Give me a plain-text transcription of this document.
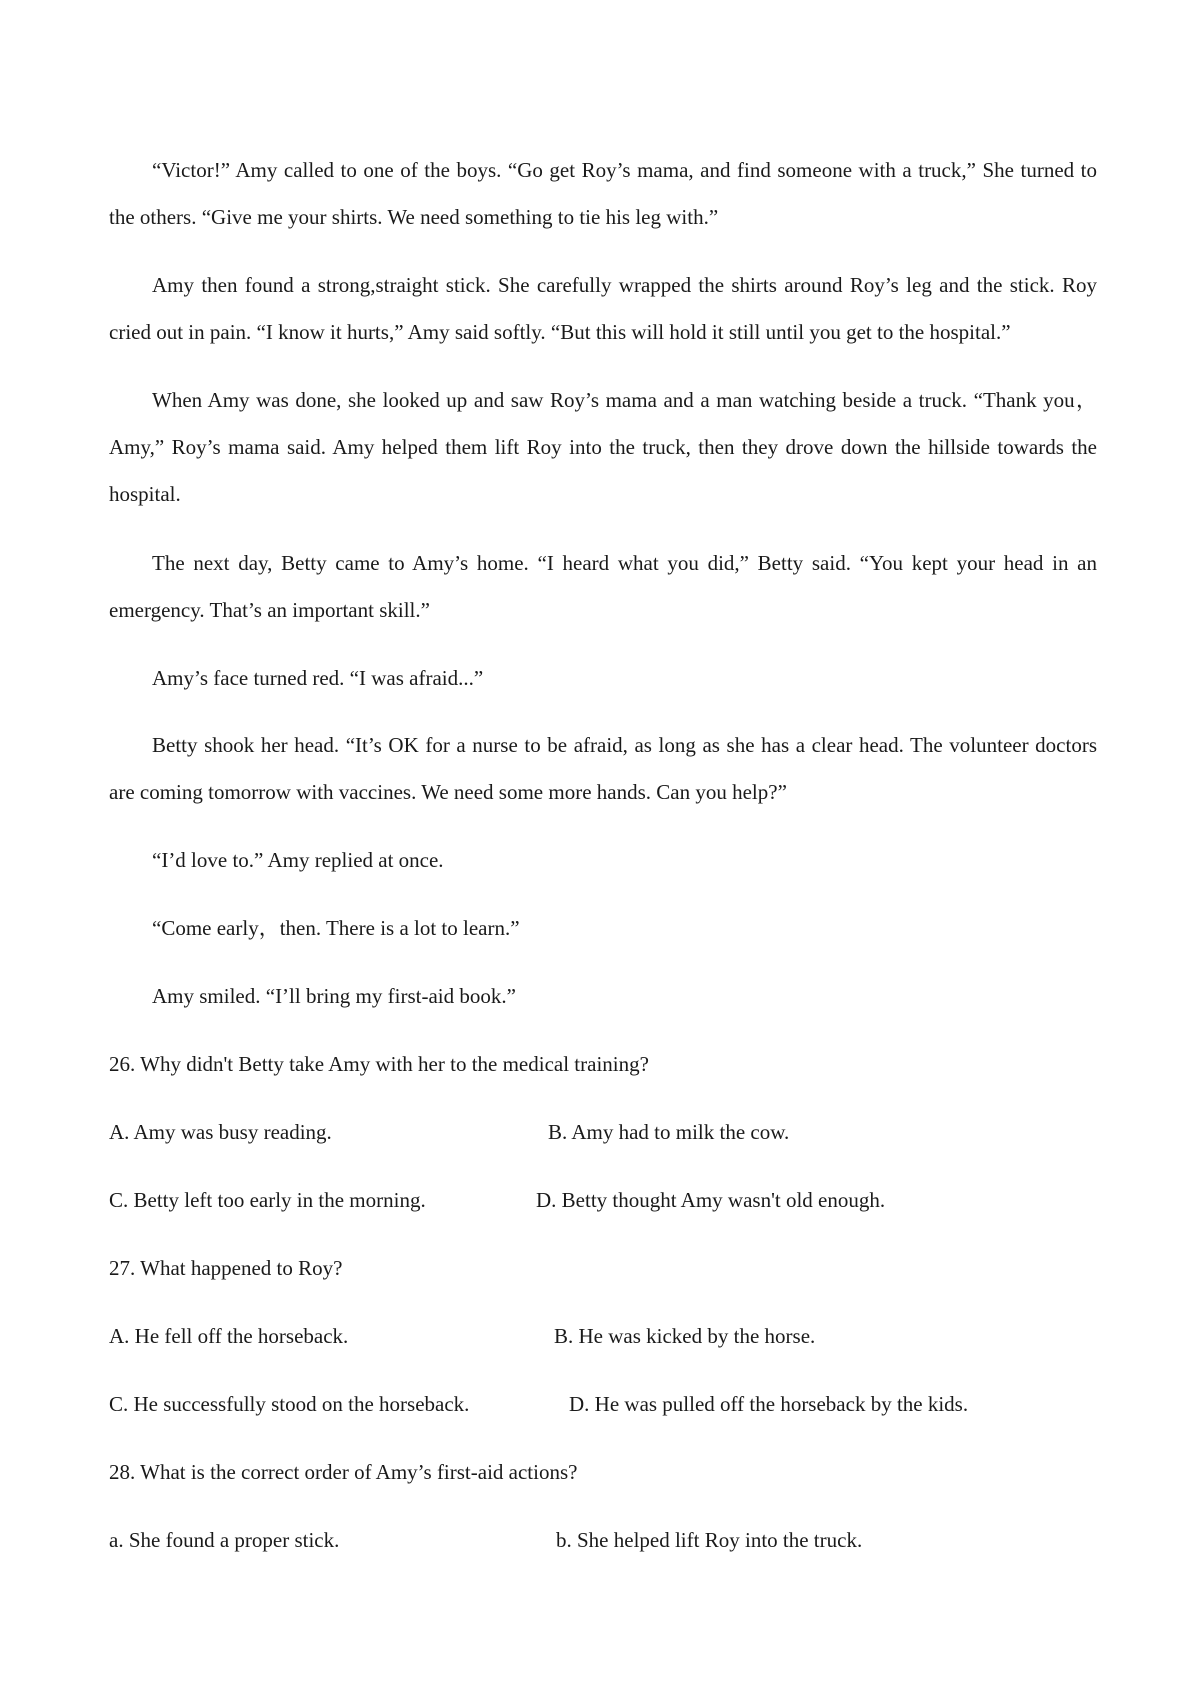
“Victor!” Amy called to one of the boys. “Go get Roy’s mama, and find someone with a truck,” She turned to the others. “Give me your shirts. We need something to tie his leg with.”

Amy then found a strong,straight stick. She carefully wrapped the shirts around Roy’s leg and the stick. Roy cried out in pain. “I know it hurts,” Amy said softly. “But this will hold it still until you get to the hospital.”

When Amy was done, she looked up and saw Roy’s mama and a man watching beside a truck. “Thank you，Amy,” Roy’s mama said. Amy helped them lift Roy into the truck, then they drove down the hillside towards the hospital.

The next day, Betty came to Amy’s home. “I heard what you did,” Betty said. “You kept your head in an emergency. That’s an important skill.”

Amy’s face turned red. “I was afraid...”

Betty shook her head. “It’s OK for a nurse to be afraid, as long as she has a clear head. The volunteer doctors are coming tomorrow with vaccines. We need some more hands. Can you help?”

“I’d love to.” Amy replied at once.

“Come early，then. There is a lot to learn.”

Amy smiled. “I’ll bring my first-aid book.”

26. Why didn't Betty take Amy with her to the medical training?

A. Amy was busy reading.	B. Amy had to milk the cow.

C. Betty left too early in the morning.	D. Betty thought Amy wasn't old enough.

27. What happened to Roy?

A. He fell off the horseback.	B. He was kicked by the horse.

C. He successfully stood on the horseback.	D. He was pulled off the horseback by the kids.

28. What is the correct order of Amy’s first-aid actions?

a. She found a proper stick.	b. She helped lift Roy into the truck.
